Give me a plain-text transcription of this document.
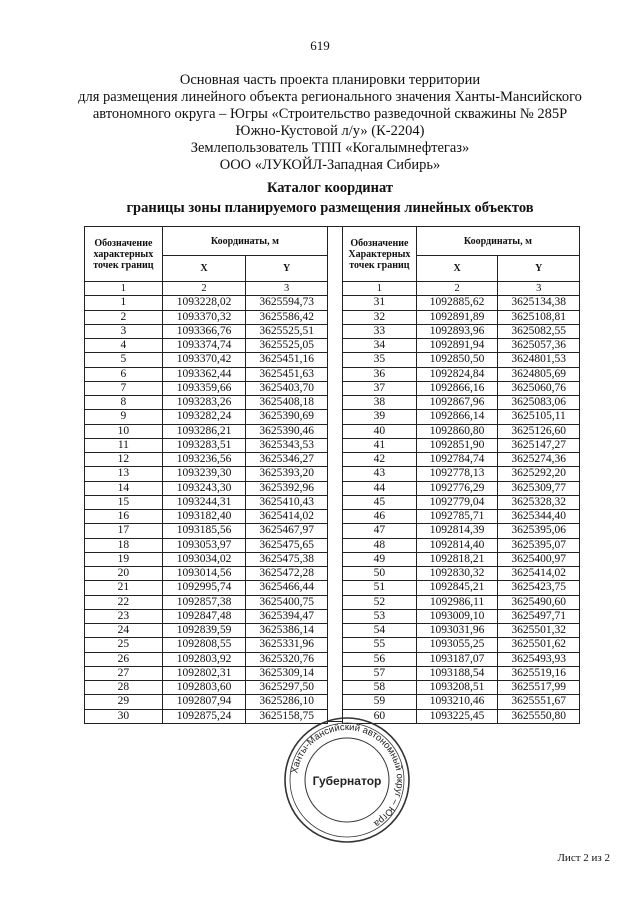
619
Основная часть проекта планировки территории
для размещения линейного объекта регионального значения Ханты-Мансийского
автономного округа – Югры «Строительство разведочной скважины № 285Р
Южно-Кустовой л/у» (К-2204)
Землепользователь ТПП «Когалымнефтегаз»
ООО «ЛУКОЙЛ-Западная Сибирь»
Каталог координат
границы зоны планируемого размещения линейных объектов
Обозначение характерных точек границ	Координаты, м	
	X	Y
1	2	3
1	1093228,02	3625594,73
2	1093370,32	3625586,42
3	1093366,76	3625525,51
4	1093374,74	3625525,05
5	1093370,42	3625451,16
6	1093362,44	3625451,63
7	1093359,66	3625403,70
8	1093283,26	3625408,18
9	1093282,24	3625390,69
10	1093286,21	3625390,46
11	1093283,51	3625343,53
12	1093236,56	3625346,27
13	1093239,30	3625393,20
14	1093243,30	3625392,96
15	1093244,31	3625410,43
16	1093182,40	3625414,02
17	1093185,56	3625467,97
18	1093053,97	3625475,65
19	1093034,02	3625475,38
20	1093014,56	3625472,28
21	1092995,74	3625466,44
22	1092857,38	3625400,75
23	1092847,48	3625394,47
24	1092839,59	3625386,14
25	1092808,55	3625331,96
26	1092803,92	3625320,76
27	1092802,31	3625309,14
28	1092803,60	3625297,50
29	1092807,94	3625286,10
30	1092875,24	3625158,75
Обозначение Характерных точек границ	Координаты, м	
	X	Y
1	2	3
31	1092885,62	3625134,38
32	1092891,89	3625108,81
33	1092893,96	3625082,55
34	1092891,94	3625057,36
35	1092850,50	3624801,53
36	1092824,84	3624805,69
37	1092866,16	3625060,76
38	1092867,96	3625083,06
39	1092866,14	3625105,11
40	1092860,80	3625126,60
41	1092851,90	3625147,27
42	1092784,74	3625274,36
43	1092778,13	3625292,20
44	1092776,29	3625309,77
45	1092779,04	3625328,32
46	1092785,71	3625344,40
47	1092814,39	3625395,06
48	1092814,40	3625395,07
49	1092818,21	3625400,97
50	1092830,32	3625414,02
51	1092845,21	3625423,75
52	1092986,11	3625490,60
53	1093009,10	3625497,71
54	1093031,96	3625501,32
55	1093055,25	3625501,62
56	1093187,07	3625493,93
57	1093188,54	3625519,16
58	1093208,51	3625517,99
59	1093210,46	3625551,67
60	1093225,45	3625550,80
Ханты-Мансийский автономный округ – Югра
Губернатор
Лист 2 из 2
